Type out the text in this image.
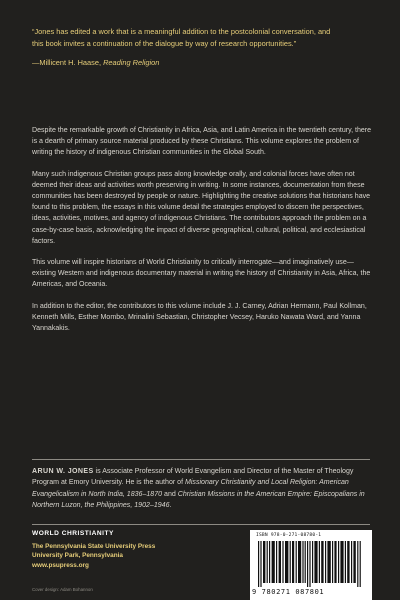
“Jones has edited a work that is a meaningful addition to the postcolonial conversation, and this book invites a continuation of the dialogue by way of research opportunities.”

—Millicent H. Haase, Reading Religion

Despite the remarkable growth of Christianity in Africa, Asia, and Latin America in the twentieth century, there is a dearth of primary source material produced by these Christians. This volume explores the problem of writing the history of indigenous Christian communities in the Global South.

Many such indigenous Christian groups pass along knowledge orally, and colonial forces have often not deemed their ideas and activities worth preserving in writing. In some instances, documentation from these communities has been destroyed by people or nature. Highlighting the creative solutions that historians have found to this problem, the essays in this volume detail the strategies employed to discern the perspectives, ideas, activities, motives, and agency of indigenous Christians. The contributors approach the problem on a case-by-case basis, acknowledging the impact of diverse geographical, cultural, political, and ecclesiastical factors.

This volume will inspire historians of World Christianity to critically interrogate—and imaginatively use—existing Western and indigenous documentary material in writing the history of Christianity in Asia, Africa, the Americas, and Oceania.

In addition to the editor, the contributors to this volume include J. J. Carney, Adrian Hermann, Paul Kollman, Kenneth Mills, Esther Mombo, Mrinalini Sebastian, Christopher Vecsey, Haruko Nawata Ward, and Yanna Yannakakis.

ARUN W. JONES is Associate Professor of World Evangelism and Director of the Master of Theology Program at Emory University. He is the author of Missionary Christianity and Local Religion: American Evangelicalism in North India, 1836–1870 and Christian Missions in the American Empire: Episcopalians in Northern Luzon, the Philippines, 1902–1946.
WORLD CHRISTIANITY
The Pennsylvania State University Press
University Park, Pennsylvania
www.psupress.org
Cover design: Adam Bohannon
ISBN 978-0-271-08780-1
9 780271 087801
